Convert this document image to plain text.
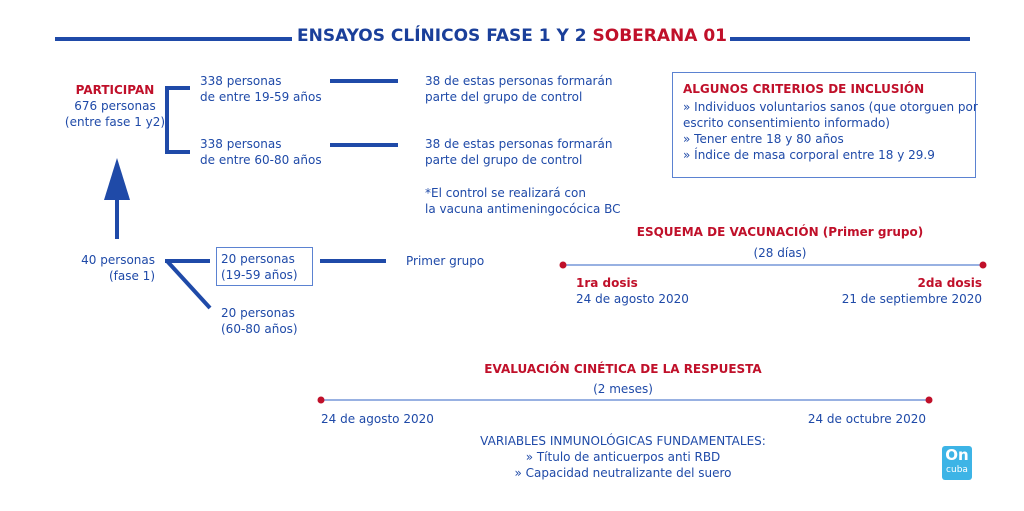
ENSAYOS CLÍNICOS FASE 1 Y 2 SOBERANA 01
PARTICIPAN
676 personas
(entre fase 1 y2)
338 personas
de entre 19-59 años
338 personas
de entre 60-80 años
38 de estas personas formarán
parte del grupo de control
38 de estas personas formarán
parte del grupo de control
*El control se realizará con
la vacuna antimeningocócica BC
ALGUNOS CRITERIOS DE INCLUSIÓN
» Individuos voluntarios sanos (que otorguen por
escrito consentimiento informado)
» Tener entre 18 y 80 años
» Índice de masa corporal entre 18 y 29.9
40 personas
(fase 1)
20 personas
(19-59 años)
20 personas
(60-80 años)
Primer grupo
ESQUEMA DE VACUNACIÓN (Primer grupo)
(28 días)
1ra dosis
24 de agosto 2020
2da dosis
21 de septiembre 2020
EVALUACIÓN CINÉTICA DE LA RESPUESTA
(2 meses)
24 de agosto 2020	24 de octubre 2020
VARIABLES INMUNOLÓGICAS FUNDAMENTALES:
» Título de anticuerpos anti RBD
» Capacidad neutralizante del suero
On
cuba
